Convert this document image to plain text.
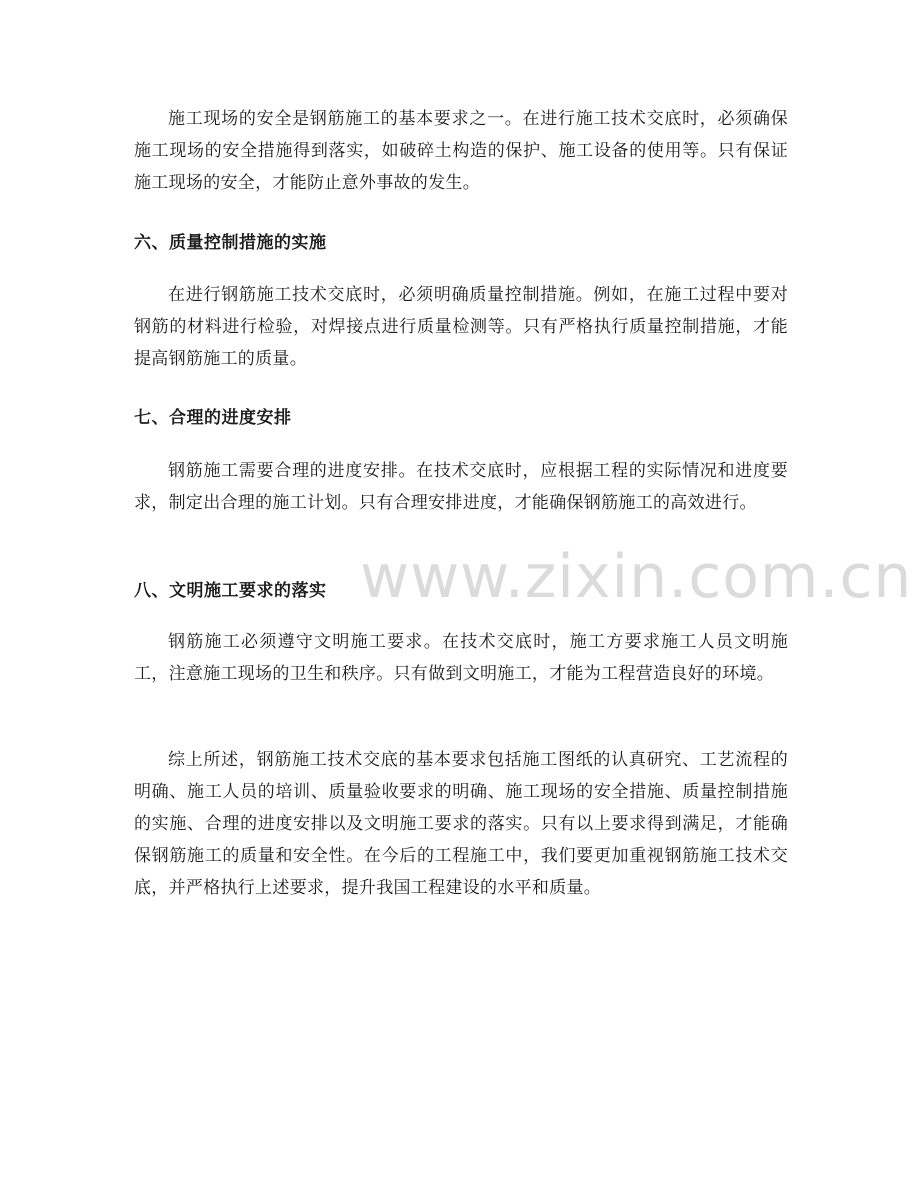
施工现场的安全是钢筋施工的基本要求之一。在进行施工技术交底时，必须确保施工现场的安全措施得到落实，如破碎土构造的保护、施工设备的使用等。只有保证施工现场的安全，才能防止意外事故的发生。

六、质量控制措施的实施

在进行钢筋施工技术交底时，必须明确质量控制措施。例如，在施工过程中要对钢筋的材料进行检验，对焊接点进行质量检测等。只有严格执行质量控制措施，才能提高钢筋施工的质量。

七、合理的进度安排

钢筋施工需要合理的进度安排。在技术交底时，应根据工程的实际情况和进度要求，制定出合理的施工计划。只有合理安排进度，才能确保钢筋施工的高效进行。

八、文明施工要求的落实

钢筋施工必须遵守文明施工要求。在技术交底时，施工方要求施工人员文明施工，注意施工现场的卫生和秩序。只有做到文明施工，才能为工程营造良好的环境。

综上所述，钢筋施工技术交底的基本要求包括施工图纸的认真研究、工艺流程的明确、施工人员的培训、质量验收要求的明确、施工现场的安全措施、质量控制措施的实施、合理的进度安排以及文明施工要求的落实。只有以上要求得到满足，才能确保钢筋施工的质量和安全性。在今后的工程施工中，我们要更加重视钢筋施工技术交底，并严格执行上述要求，提升我国工程建设的水平和质量。

www.zixin.com.cn
